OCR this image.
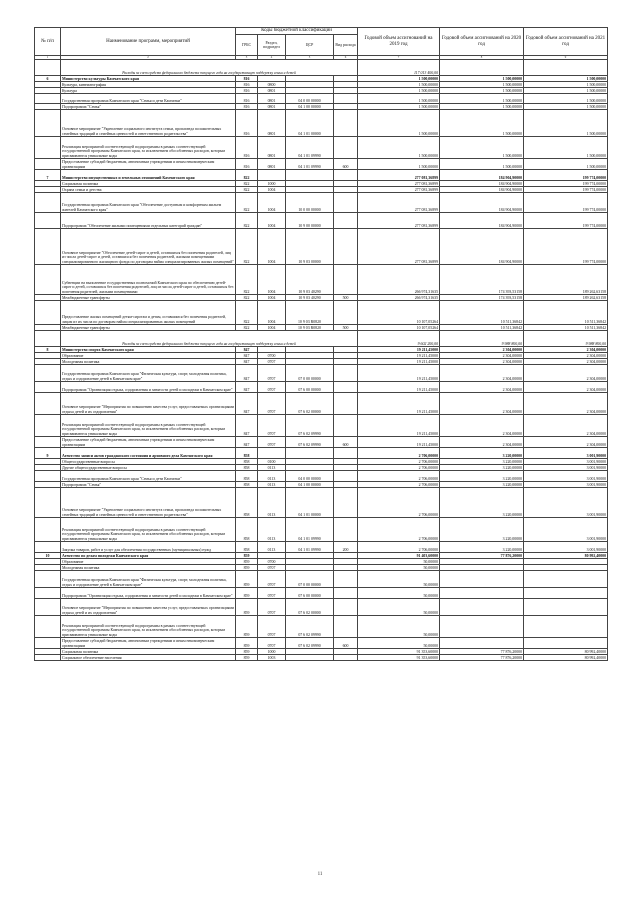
№ п/п	Наименование программ, мероприятий	Коды бюджетной классификации				Годовой объем ассигнований на 2019 год	Годовой объем ассигнований на 2020 год	Годовой объем ассигнований на 2021 год
		ГРБС	Раздел, подраздел	ЦСР	Вид расхода			
1	2	3	4	5	6	7	8	9
	Расходы за счет средств федерального бюджета текущего года на государственную поддержку семьи и детей					117 013 400,00		
6	Министерство культуры Камчатского края	816				1 500,00000	1 500,00000	1 500,00000
	Культура, кинематография	816	0800			1 500,00000	1 500,00000	1 500,00000
	Культура	816	0801			1 500,00000	1 500,00000	1 500,00000
	Государственная программа Камчатского края "Семья и дети Камчатки"	816	0801	04 0 00 00000		1 500,00000	1 500,00000	1 500,00000
	Подпрограмма "Семья"	816	0801	04 1 00 00000		1 500,00000	1 500,00000	1 500,00000
	Основное мероприятие "Укрепление социального института семьи, пропаганда положительных семейных традиций и семейных ценностей и ответственного родительства"	816	0801	04 1 01 00000		1 500,00000	1 500,00000	1 500,00000
	Реализация мероприятий соответствующей подпрограммы в рамках соответствующей государственной программы Камчатского края, за исключением обособленных расходов, которым присваиваются уникальные коды	816	0801	04 1 01 09990		1 500,00000	1 500,00000	1 500,00000
	Предоставление субсидий бюджетным, автономным учреждениям и иным некоммерческим организациям	816	0801	04 1 01 09990	600	1 500,00000	1 500,00000	1 500,00000
7	Министерство имущественных и земельных отношений Камчатского края	822				277 081,36899	184 904,90000	199 774,00000
	Социальная политика	822	1000			277 081,36899	184 904,90000	199 774,00000
	Охрана семьи и детства	822	1004			277 081,36899	184 904,90000	199 774,00000
	Государственная программа Камчатского края "Обеспечение доступным и комфортным жильем жителей Камчатского края"	822	1004	10 0 00 00000		277 081,36899	184 904,90000	199 774,00000
	Подпрограмма "Обеспечение жилыми помещениями отдельных категорий граждан"	822	1004	10 9 00 00000		277 081,36899	184 904,90000	199 774,00000
	Основное мероприятие "Обеспечение детей-сирот и детей, оставшихся без попечения родителей, лиц из числа детей-сирот и детей, оставшихся без попечения родителей, жилыми помещениями специализированного жилищного фонда по договорам найма специализированных жилых помещений"	822	1004	10 9 03 00000		277 081,36899	184 904,90000	199 774,00000
	Субвенции на выполнение государственных полномочий Камчатского края по обеспечению детей-сирот и детей, оставшихся без попечения родителей, лиц из числа детей-сирот и детей, оставшихся без попечения родителей, жилыми помещениями	822	1004	10 9 03 40290		266 974,31635	174 393,53158	189 262,63158
	Межбюджетные трансферты	822	1004	10 9 03 40290	500	266 974,31635	174 393,53158	189 262,63158
	Предоставление жилых помещений детям-сиротам и детям, оставшимся без попечения родителей, лицам из их числа по договорам найма специализированных жилых помещений	822	1004	10 9 03 R0820		10 107,05264	10 511,36842	10 511,36842
	Межбюджетные трансферты	822	1004	10 9 03 R0820	500	10 107,05264	10 511,36842	10 511,36842
	Расходы за счет средств федерального бюджета текущего года на государственную поддержку семьи и детей					9 602 200,00	9 988 800,00	9 988 800,00
8	Министерство спорта Камчатского края	847				19 211,45000	2 304,00000	2 304,00000
	Образование	847	0700			19 211,45000	2 304,00000	2 304,00000
	Молодежная политика	847	0707			19 211,45000	2 304,00000	2 304,00000
	Государственная программа Камчатского края "Физическая культура, спорт, молодежная политика, отдых и оздоровление детей в Камчатском крае"	847	0707	07 0 00 00000		19 211,45000	2 304,00000	2 304,00000
	Подпрограмма "Организация отдыха, оздоровления и занятости детей и молодежи в Камчатском крае"	847	0707	07 6 00 00000		19 211,45000	2 304,00000	2 304,00000
	Основное мероприятие "Мероприятия по повышению качества услуг, предоставляемых организациями отдыха детей и их оздоровления"	847	0707	07 6 02 00000		19 211,45000	2 304,00000	2 304,00000
	Реализация мероприятий соответствующей подпрограммы в рамках соответствующей государственной программы Камчатского края, за исключением обособленных расходов, которым присваиваются уникальные коды	847	0707	07 6 02 09990		19 211,45000	2 304,00000	2 304,00000
	Предоставление субсидий бюджетным, автономным учреждениям и иным некоммерческим организациям	847	0707	07 6 02 09990	600	19 211,45000	2 304,00000	2 304,00000
9	Агентство записи актов гражданского состояния и архивного дела Камчатского края	858				2 706,00000	3 220,00000	3 001,90000
	Общегосударственные вопросы	858	0100			2 706,00000	3 220,00000	3 001,90000
	Другие общегосударственные вопросы	858	0113			2 706,00000	3 220,00000	3 001,90000
	Государственная программа Камчатского края "Семья и дети Камчатки"	858	0113	04 0 00 00000		2 706,00000	3 220,00000	3 001,90000
	Подпрограмма "Семья"	858	0113	04 1 00 00000		2 706,00000	3 220,00000	3 001,90000
	Основное мероприятие "Укрепление социального института семьи, пропаганда положительных семейных традиций и семейных ценностей и ответственного родительства"	858	0113	04 1 01 00000		2 706,00000	3 220,00000	3 001,90000
	Реализация мероприятий соответствующей подпрограммы в рамках соответствующей государственной программы Камчатского края, за исключением обособленных расходов, которым присваиваются уникальные коды	858	0113	04 1 01 09990		2 706,00000	3 220,00000	3 001,90000
	Закупка товаров, работ и услуг для обеспечения государственных (муниципальных) нужд	858	0113	04 1 01 09990	200	2 706,00000	3 220,00000	3 001,90000
10	Агентство по делам молодежи Камчатского края	859				91 403,60000	77 876,20000	80 992,40000
	Образование	859	0700			50,00000		
	Молодежная политика	859	0707			50,00000		
	Государственная программа Камчатского края "Физическая культура, спорт, молодежная политика, отдых и оздоровление детей в Камчатском крае"	859	0707	07 0 00 00000		50,00000		
	Подпрограмма "Организация отдыха, оздоровления и занятости детей и молодежи в Камчатском крае"	859	0707	07 6 00 00000		50,00000		
	Основное мероприятие "Мероприятия по повышению качества услуг, предоставляемых организациями отдыха детей и их оздоровления"	859	0707	07 6 02 00000		50,00000		
	Реализация мероприятий соответствующей подпрограммы в рамках соответствующей государственной программы Камчатского края, за исключением обособленных расходов, которым присваиваются уникальные коды	859	0707	07 6 02 09990		50,00000		
	Предоставление субсидий бюджетным, автономным учреждениям и иным некоммерческим организациям	859	0707	07 6 02 09990	600	50,00000		
	Социальная политика	859	1000			91 353,60000	77 876,20000	80 992,40000
	Социальное обеспечение населения	859	1003			91 353,60000	77 876,20000	80 992,40000
11
